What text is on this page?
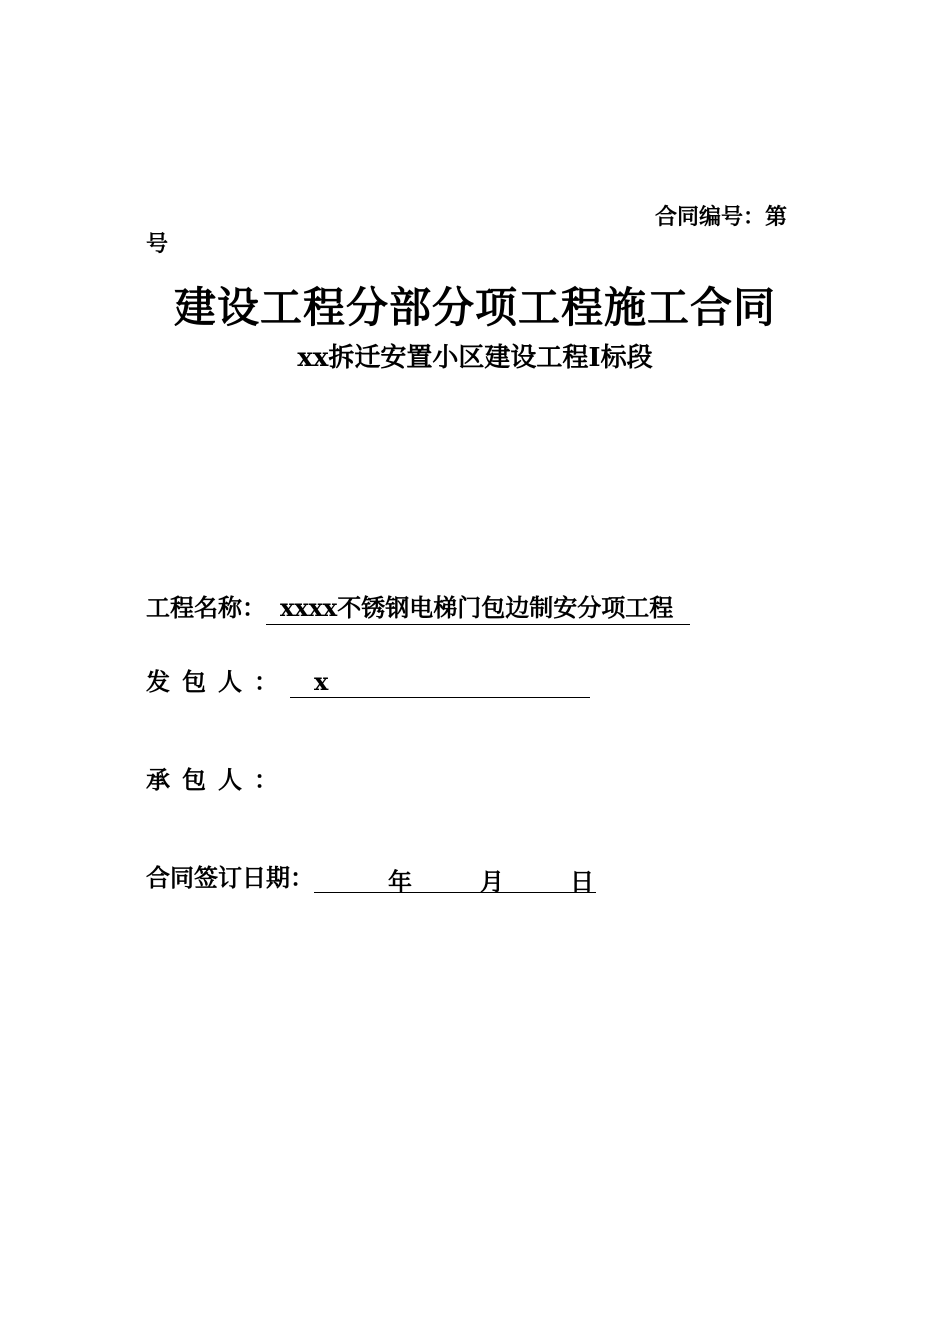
合同编号：第
号
建设工程分部分项工程施工合同
xx拆迁安置小区建设工程Ⅰ标段
工程名称： xxxx不锈钢电梯门包边制安分项工程
发包人： x
承包人：
合同签订日期：	年	月	日
